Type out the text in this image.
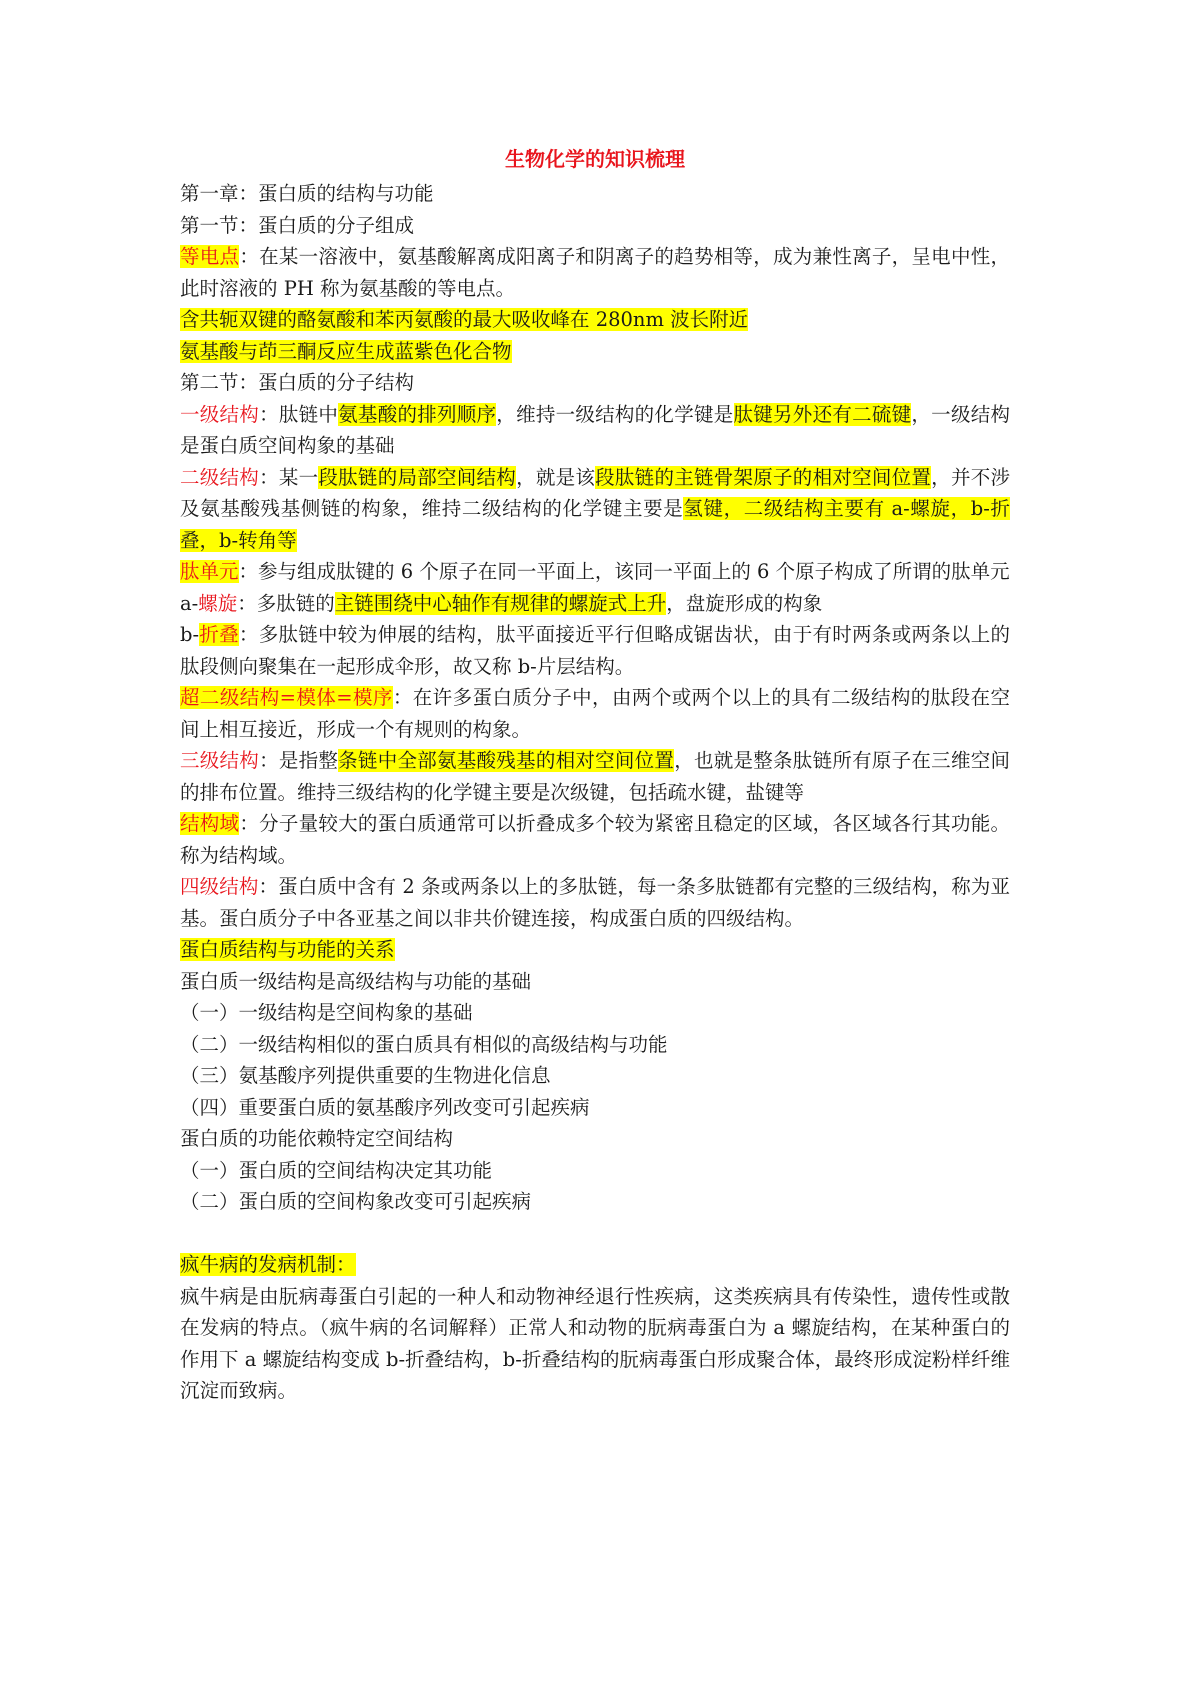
生物化学的知识梳理

第一章：蛋白质的结构与功能

第一节：蛋白质的分子组成

等电点：在某一溶液中，氨基酸解离成阳离子和阴离子的趋势相等，成为兼性离子，呈电中性，此时溶液的 PH 称为氨基酸的等电点。

含共轭双键的酪氨酸和苯丙氨酸的最大吸收峰在 280nm 波长附近

氨基酸与茚三酮反应生成蓝紫色化合物

第二节：蛋白质的分子结构

一级结构：肽链中氨基酸的排列顺序，维持一级结构的化学键是肽键另外还有二硫键，一级结构是蛋白质空间构象的基础

二级结构：某一段肽链的局部空间结构，就是该段肽链的主链骨架原子的相对空间位置，并不涉及氨基酸残基侧链的构象，维持二级结构的化学键主要是氢键，二级结构主要有 a-螺旋，b-折叠，b-转角等

肽单元：参与组成肽键的 6 个原子在同一平面上，该同一平面上的 6 个原子构成了所谓的肽单元

a-螺旋：多肽链的主链围绕中心轴作有规律的螺旋式上升，盘旋形成的构象

b-折叠：多肽链中较为伸展的结构，肽平面接近平行但略成锯齿状，由于有时两条或两条以上的肽段侧向聚集在一起形成伞形，故又称 b-片层结构。

超二级结构=模体=模序：在许多蛋白质分子中，由两个或两个以上的具有二级结构的肽段在空间上相互接近，形成一个有规则的构象。

三级结构：是指整条链中全部氨基酸残基的相对空间位置，也就是整条肽链所有原子在三维空间的排布位置。维持三级结构的化学键主要是次级键，包括疏水键，盐键等

结构域：分子量较大的蛋白质通常可以折叠成多个较为紧密且稳定的区域，各区域各行其功能。称为结构域。

四级结构：蛋白质中含有 2 条或两条以上的多肽链，每一条多肽链都有完整的三级结构，称为亚基。蛋白质分子中各亚基之间以非共价键连接，构成蛋白质的四级结构。

蛋白质结构与功能的关系

蛋白质一级结构是高级结构与功能的基础

（一）一级结构是空间构象的基础

（二）一级结构相似的蛋白质具有相似的高级结构与功能

（三）氨基酸序列提供重要的生物进化信息

（四）重要蛋白质的氨基酸序列改变可引起疾病

蛋白质的功能依赖特定空间结构

（一）蛋白质的空间结构决定其功能

（二）蛋白质的空间构象改变可引起疾病

疯牛病的发病机制：

疯牛病是由朊病毒蛋白引起的一种人和动物神经退行性疾病，这类疾病具有传染性，遗传性或散在发病的特点。（疯牛病的名词解释）正常人和动物的朊病毒蛋白为 a 螺旋结构，在某种蛋白的作用下 a 螺旋结构变成 b-折叠结构，b-折叠结构的朊病毒蛋白形成聚合体，最终形成淀粉样纤维沉淀而致病。
